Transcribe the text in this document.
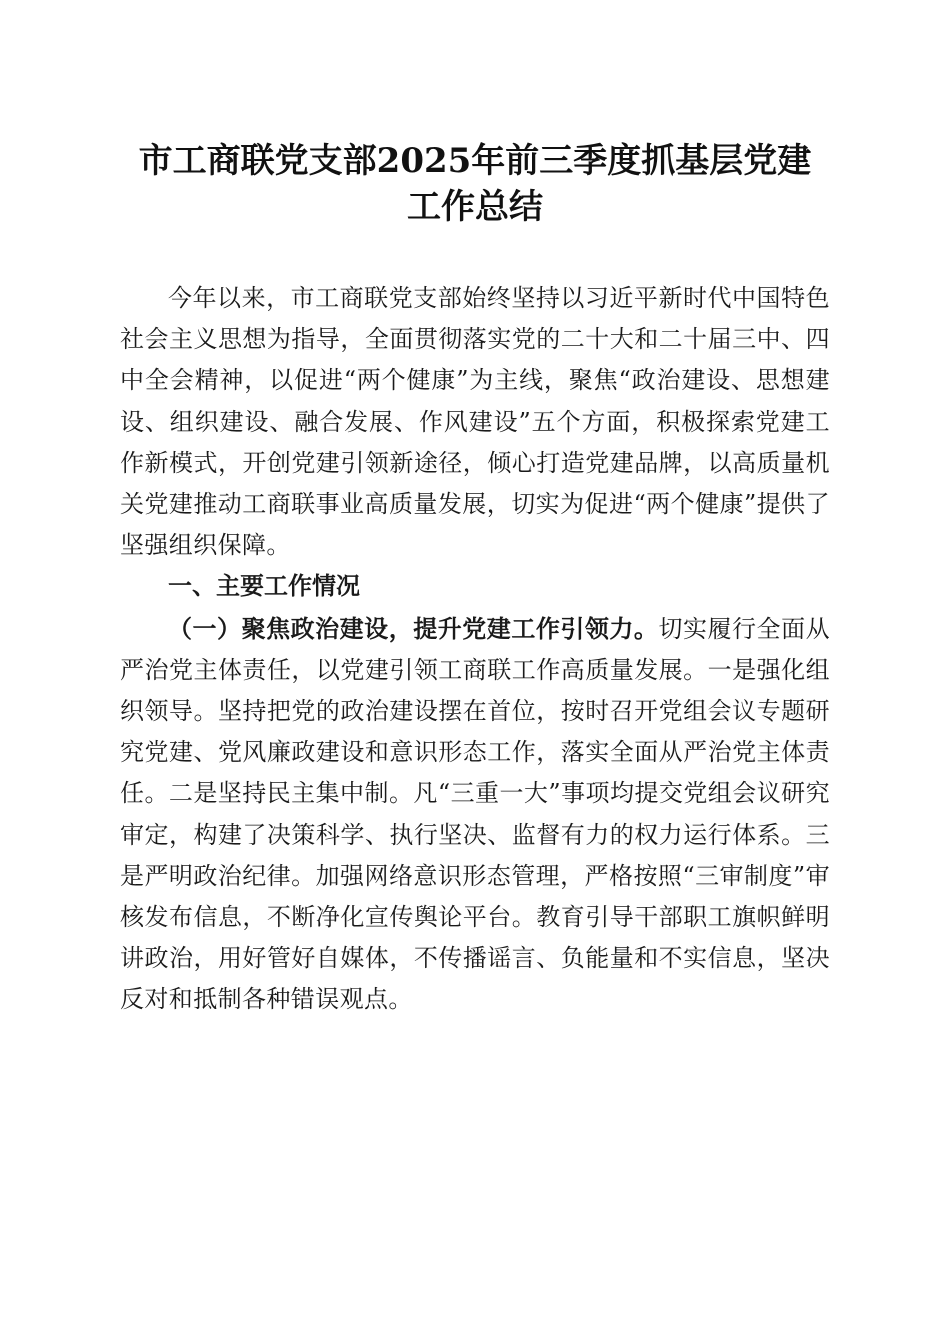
市工商联党支部2025年前三季度抓基层党建
工作总结

今年以来，市工商联党支部始终坚持以习近平新时代中国特色社会主义思想为指导，全面贯彻落实党的二十大和二十届三中、四中全会精神，以促进“两个健康”为主线，聚焦“政治建设、思想建设、组织建设、融合发展、作风建设”五个方面，积极探索党建工作新模式，开创党建引领新途径，倾心打造党建品牌，以高质量机关党建推动工商联事业高质量发展，切实为促进“两个健康”提供了坚强组织保障。

一、主要工作情况

（一）聚焦政治建设，提升党建工作引领力。切实履行全面从严治党主体责任，以党建引领工商联工作高质量发展。一是强化组织领导。坚持把党的政治建设摆在首位，按时召开党组会议专题研究党建、党风廉政建设和意识形态工作，落实全面从严治党主体责任。二是坚持民主集中制。凡“三重一大”事项均提交党组会议研究审定，构建了决策科学、执行坚决、监督有力的权力运行体系。三是严明政治纪律。加强网络意识形态管理，严格按照“三审制度”审核发布信息，不断净化宣传舆论平台。教育引导干部职工旗帜鲜明讲政治，用好管好自媒体，不传播谣言、负能量和不实信息，坚决反对和抵制各种错误观点。
